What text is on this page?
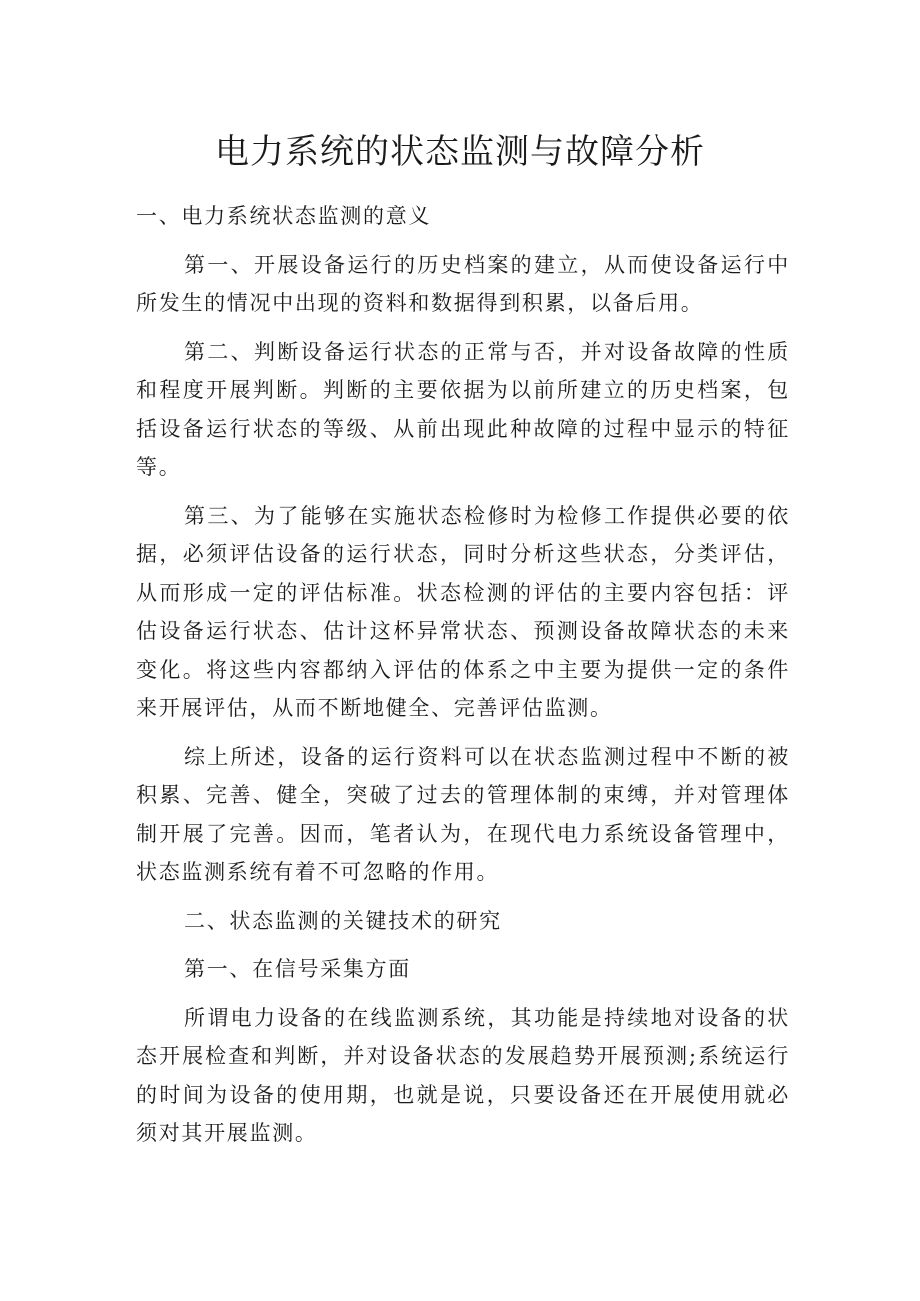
电力系统的状态监测与故障分析

一、电力系统状态监测的意义

第一、开展设备运行的历史档案的建立，从而使设备运行中所发生的情况中出现的资料和数据得到积累，以备后用。

第二、判断设备运行状态的正常与否，并对设备故障的性质和程度开展判断。判断的主要依据为以前所建立的历史档案，包括设备运行状态的等级、从前出现此种故障的过程中显示的特征等。

第三、为了能够在实施状态检修时为检修工作提供必要的依据，必须评估设备的运行状态，同时分析这些状态，分类评估，从而形成一定的评估标准。状态检测的评估的主要内容包括：评估设备运行状态、估计这杯异常状态、预测设备故障状态的未来变化。将这些内容都纳入评估的体系之中主要为提供一定的条件来开展评估，从而不断地健全、完善评估监测。

综上所述，设备的运行资料可以在状态监测过程中不断的被积累、完善、健全，突破了过去的管理体制的束缚，并对管理体制开展了完善。因而，笔者认为，在现代电力系统设备管理中，状态监测系统有着不可忽略的作用。

二、状态监测的关键技术的研究

第一、在信号采集方面

所谓电力设备的在线监测系统，其功能是持续地对设备的状态开展检查和判断，并对设备状态的发展趋势开展预测;系统运行的时间为设备的使用期，也就是说，只要设备还在开展使用就必须对其开展监测。
